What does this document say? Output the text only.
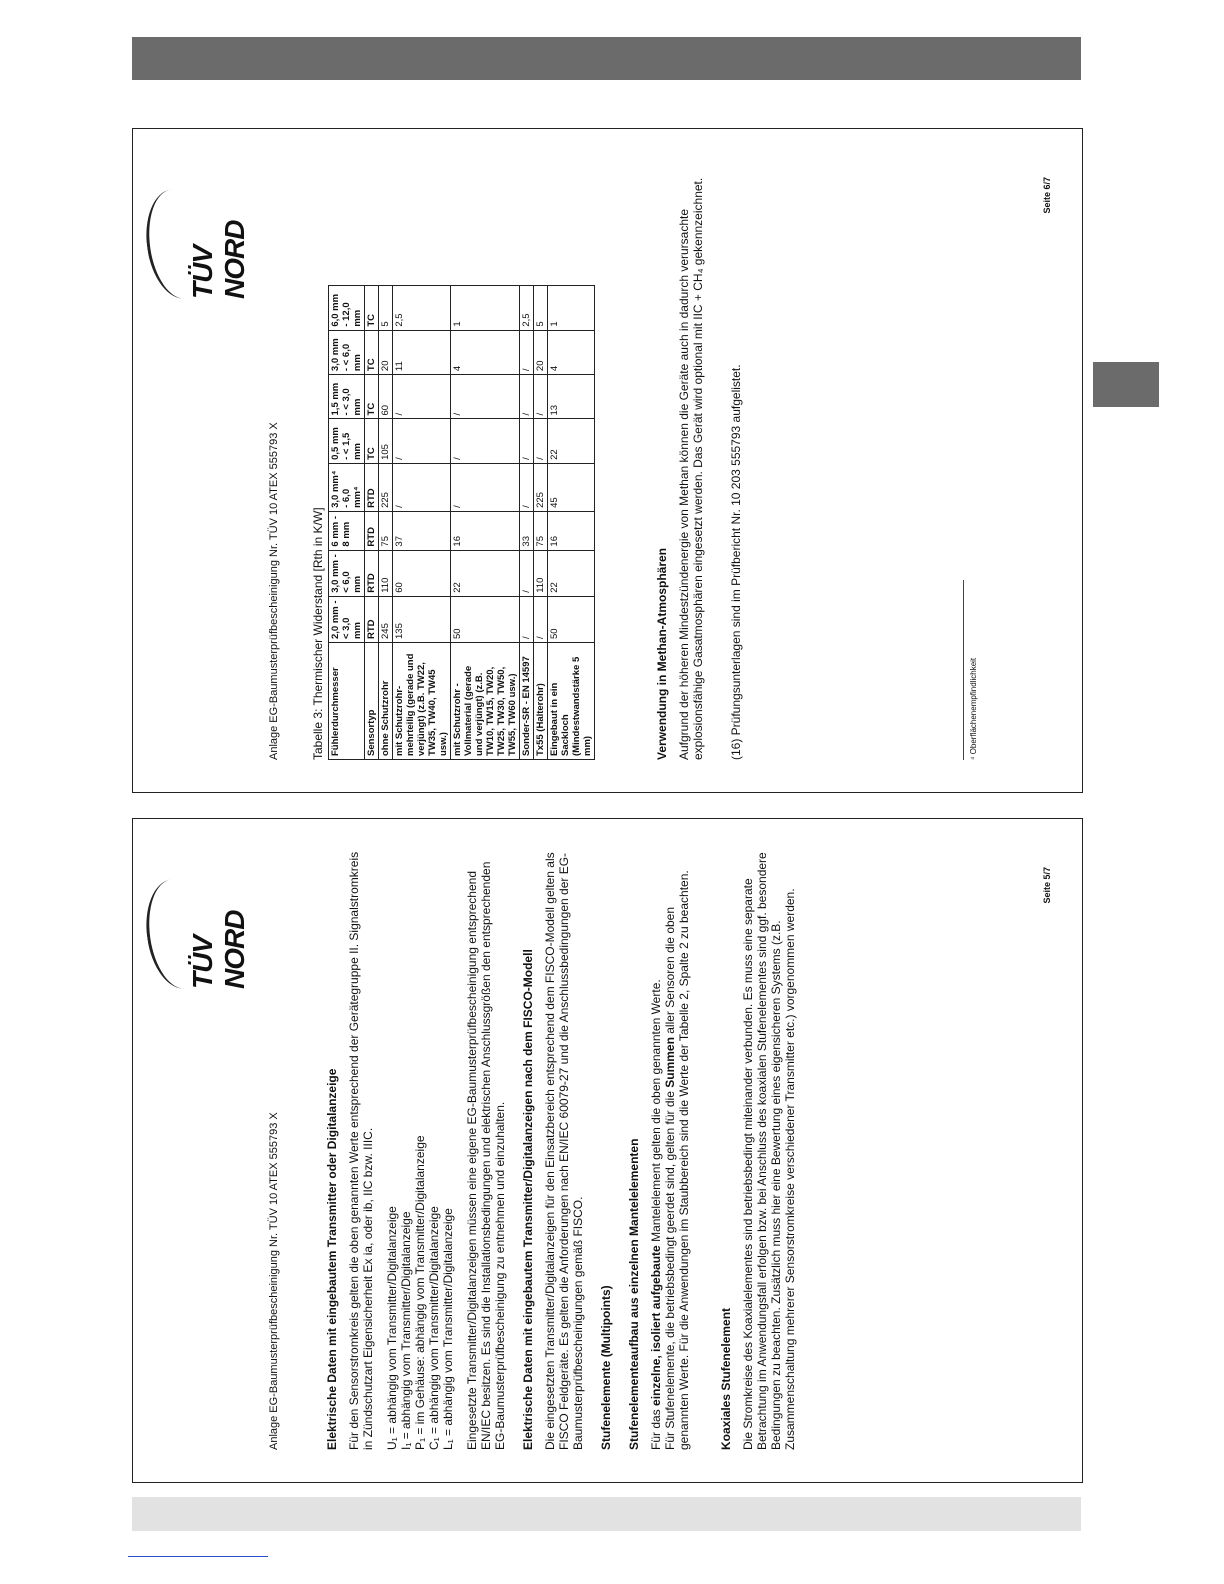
TÜV NORD
Anlage EG-Baumusterprüfbescheinigung Nr. TÜV 10 ATEX 555793 X	Tabelle 3: Thermischer Widerstand [Rth in K/W] Fühlerdurchmesser	2,0 mm - < 3,0 mm	3,0 mm - < 6,0 mm	6 mm - 8 mm	3,0 mm⁴ - 6,0 mm⁴	0,5 mm - < 1,5 mm	1,5 mm - < 3,0 mm	3,0 mm - < 6,0 mm	6,0 mm - 12,0 mm
Sensortyp	RTD	RTD	RTD	RTD	TC	TC	TC	TC
ohne Schutzrohr	245	110	75	225	105	60	20	5
mit Schutzrohr-mehrteilig (gerade und verjüngt) (z.B. TW22, TW35, TW40, TW45 usw.)	135	60	37	/	/	/	11	2,5
mit Schutzrohr - Vollmaterial (gerade und verjüngt) (z.B. TW10, TW15, TW20, TW25, TW30, TW50, TW55, TW60 usw.)	50	22	16	/	/	/	4	1
Sonder-SR - EN 14597	/	/	33	/	/	/	/	2,5
Tx55 (Halterohr)	/	110	75	225	/	/	20	5
Eingebaut in ein Sackloch (Mindestwandstärke 5 mm)	50	22	16	45	22	13	4	1
Verwendung in Methan-Atmosphären Aufgrund der höheren Mindestzündenergie von Methan können die Geräte auch in dadurch verursachte explosionsfähige Gasatmosphären eingesetzt werden. Das Gerät wird optional mit IIC + CH₄ gekennzeichnet. (16) Prüfungsunterlagen sind im Prüfbericht Nr. 10 203 555793 aufgelistet.	⁴ Oberflächenempfindlichkeit
Seite 6/7
TÜV NORD
Anlage EG-Baumusterprüfbescheinigung Nr. TÜV 10 ATEX 555793 X	Elektrische Daten mit eingebautem Transmitter oder Digitalanzeige Für den Sensorstromkreis gelten die oben genannten Werte entsprechend der Gerätegruppe II. Signalstromkreis in Zündschutzart Eigensicherheit Ex ia, oder ib, IIC bzw. IIIC. U₁ = abhängig vom Transmitter/Digitalanzeige
I₁ = abhängig vom Transmitter/Digitalanzeige
P₁ = im Gehäuse: abhängig vom Transmitter/Digitalanzeige
C₁ = abhängig vom Transmitter/Digitalanzeige
L₁ = abhängig vom Transmitter/Digitalanzeige Eingesetzte Transmitter/Digitalanzeigen müssen eine eigene EG-Baumusterprüfbescheinigung entsprechend EN/IEC besitzen. Es sind die Installationsbedingungen und elektrischen Anschlussgrößen den entsprechenden EG-Baumusterprüfbescheinigung zu entnehmen und einzuhalten. Elektrische Daten mit eingebautem Transmitter/Digitalanzeigen nach dem FISCO-Modell Die eingesetzten Transmitter/Digitalanzeigen für den Einsatzbereich entsprechend dem FISCO-Modell gelten als FISCO Feldgeräte. Es gelten die Anforderungen nach EN/IEC 60079-27 und die Anschlussbedingungen der EG-Baumusterprüfbescheinigungen gemäß FISCO. Stufenelemente (Multipoints) Stufenelementeaufbau aus einzelnen Mantelelementen Für das einzelne, isoliert aufgebaute Mantelelement gelten die oben genannten Werte.
Für Stufenelemente, die betriebsbedingt geerdet sind, gelten für die Summen aller Sensoren die oben genannten Werte. Für die Anwendungen im Staubbereich sind die Werte der Tabelle 2, Spalte 2 zu beachten. Koaxiales Stufenelement Die Stromkreise des Koaxialelementes sind betriebsbedingt miteinander verbunden. Es muss eine separate Betrachtung im Anwendungsfall erfolgen bzw. bei Anschluss des koaxialen Stufenelementes sind ggf. besondere Bedingungen zu beachten. Zusätzlich muss hier eine Bewertung eines eigensicheren Systems (z.B. Zusammenschaltung mehrerer Sensorstromkreise verschiedener Transmitter etc.) vorgenommen werden.

Seite 5/7
